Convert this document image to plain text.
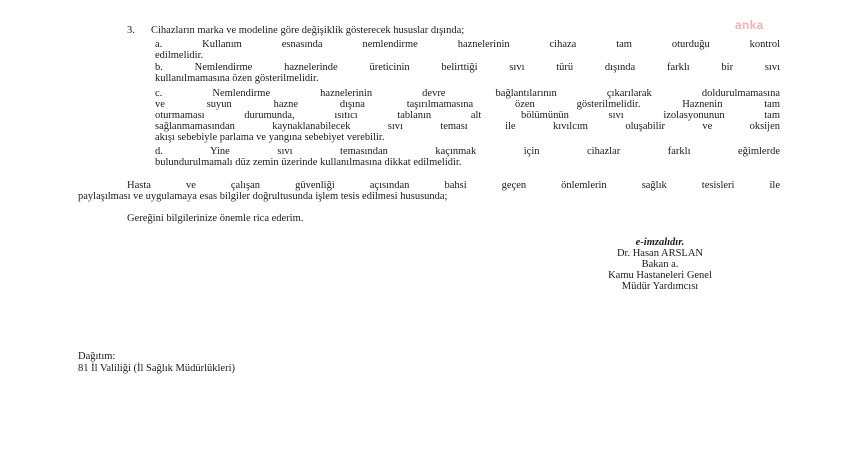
anka
3. Cihazların marka ve modeline göre değişiklik gösterecek hususlar dışında;
a. Kullanım esnasında nemlendirme haznelerinin cihaza tam oturduğu kontrol
edilmelidir.
b. Nemlendirme haznelerinde üreticinin belirttiği sıvı türü dışında farklı bir sıvı
kullanılmamasına özen gösterilmelidir.
c. Nemlendirme haznelerinin devre bağlantılarının çıkarılarak doldurulmamasına
ve suyun hazne dışına taşırılmamasına özen gösterilmelidir. Haznenin tam
oturmaması durumunda, ısıtıcı tablanın alt bölümünün sıvı izolasyonunun tam
sağlanmamasından kaynaklanabilecek sıvı teması ile kıvılcım oluşabilir ve oksijen
akışı sebebiyle parlama ve yangına sebebiyet verebilir.
d. Yine sıvı temasından kaçınmak için cihazlar farklı eğimlerde
bulundurulmamalı düz zemin üzerinde kullanılmasına dikkat edilmelidir.
Hasta ve çalışan güvenliği açısından bahsi geçen önlemlerin sağlık tesisleri ile
paylaşılması ve uygulamaya esas bilgiler doğrultusunda işlem tesis edilmesi hususunda;
Gereğini bilgilerinize önemle rica ederim.
e-imzalıdır.
Dr. Hasan ARSLAN
Bakan a.
Kamu Hastaneleri Genel
Müdür Yardımcısı
Dağıtım:
81 İl Valiliği (İl Sağlık Müdürlükleri)
